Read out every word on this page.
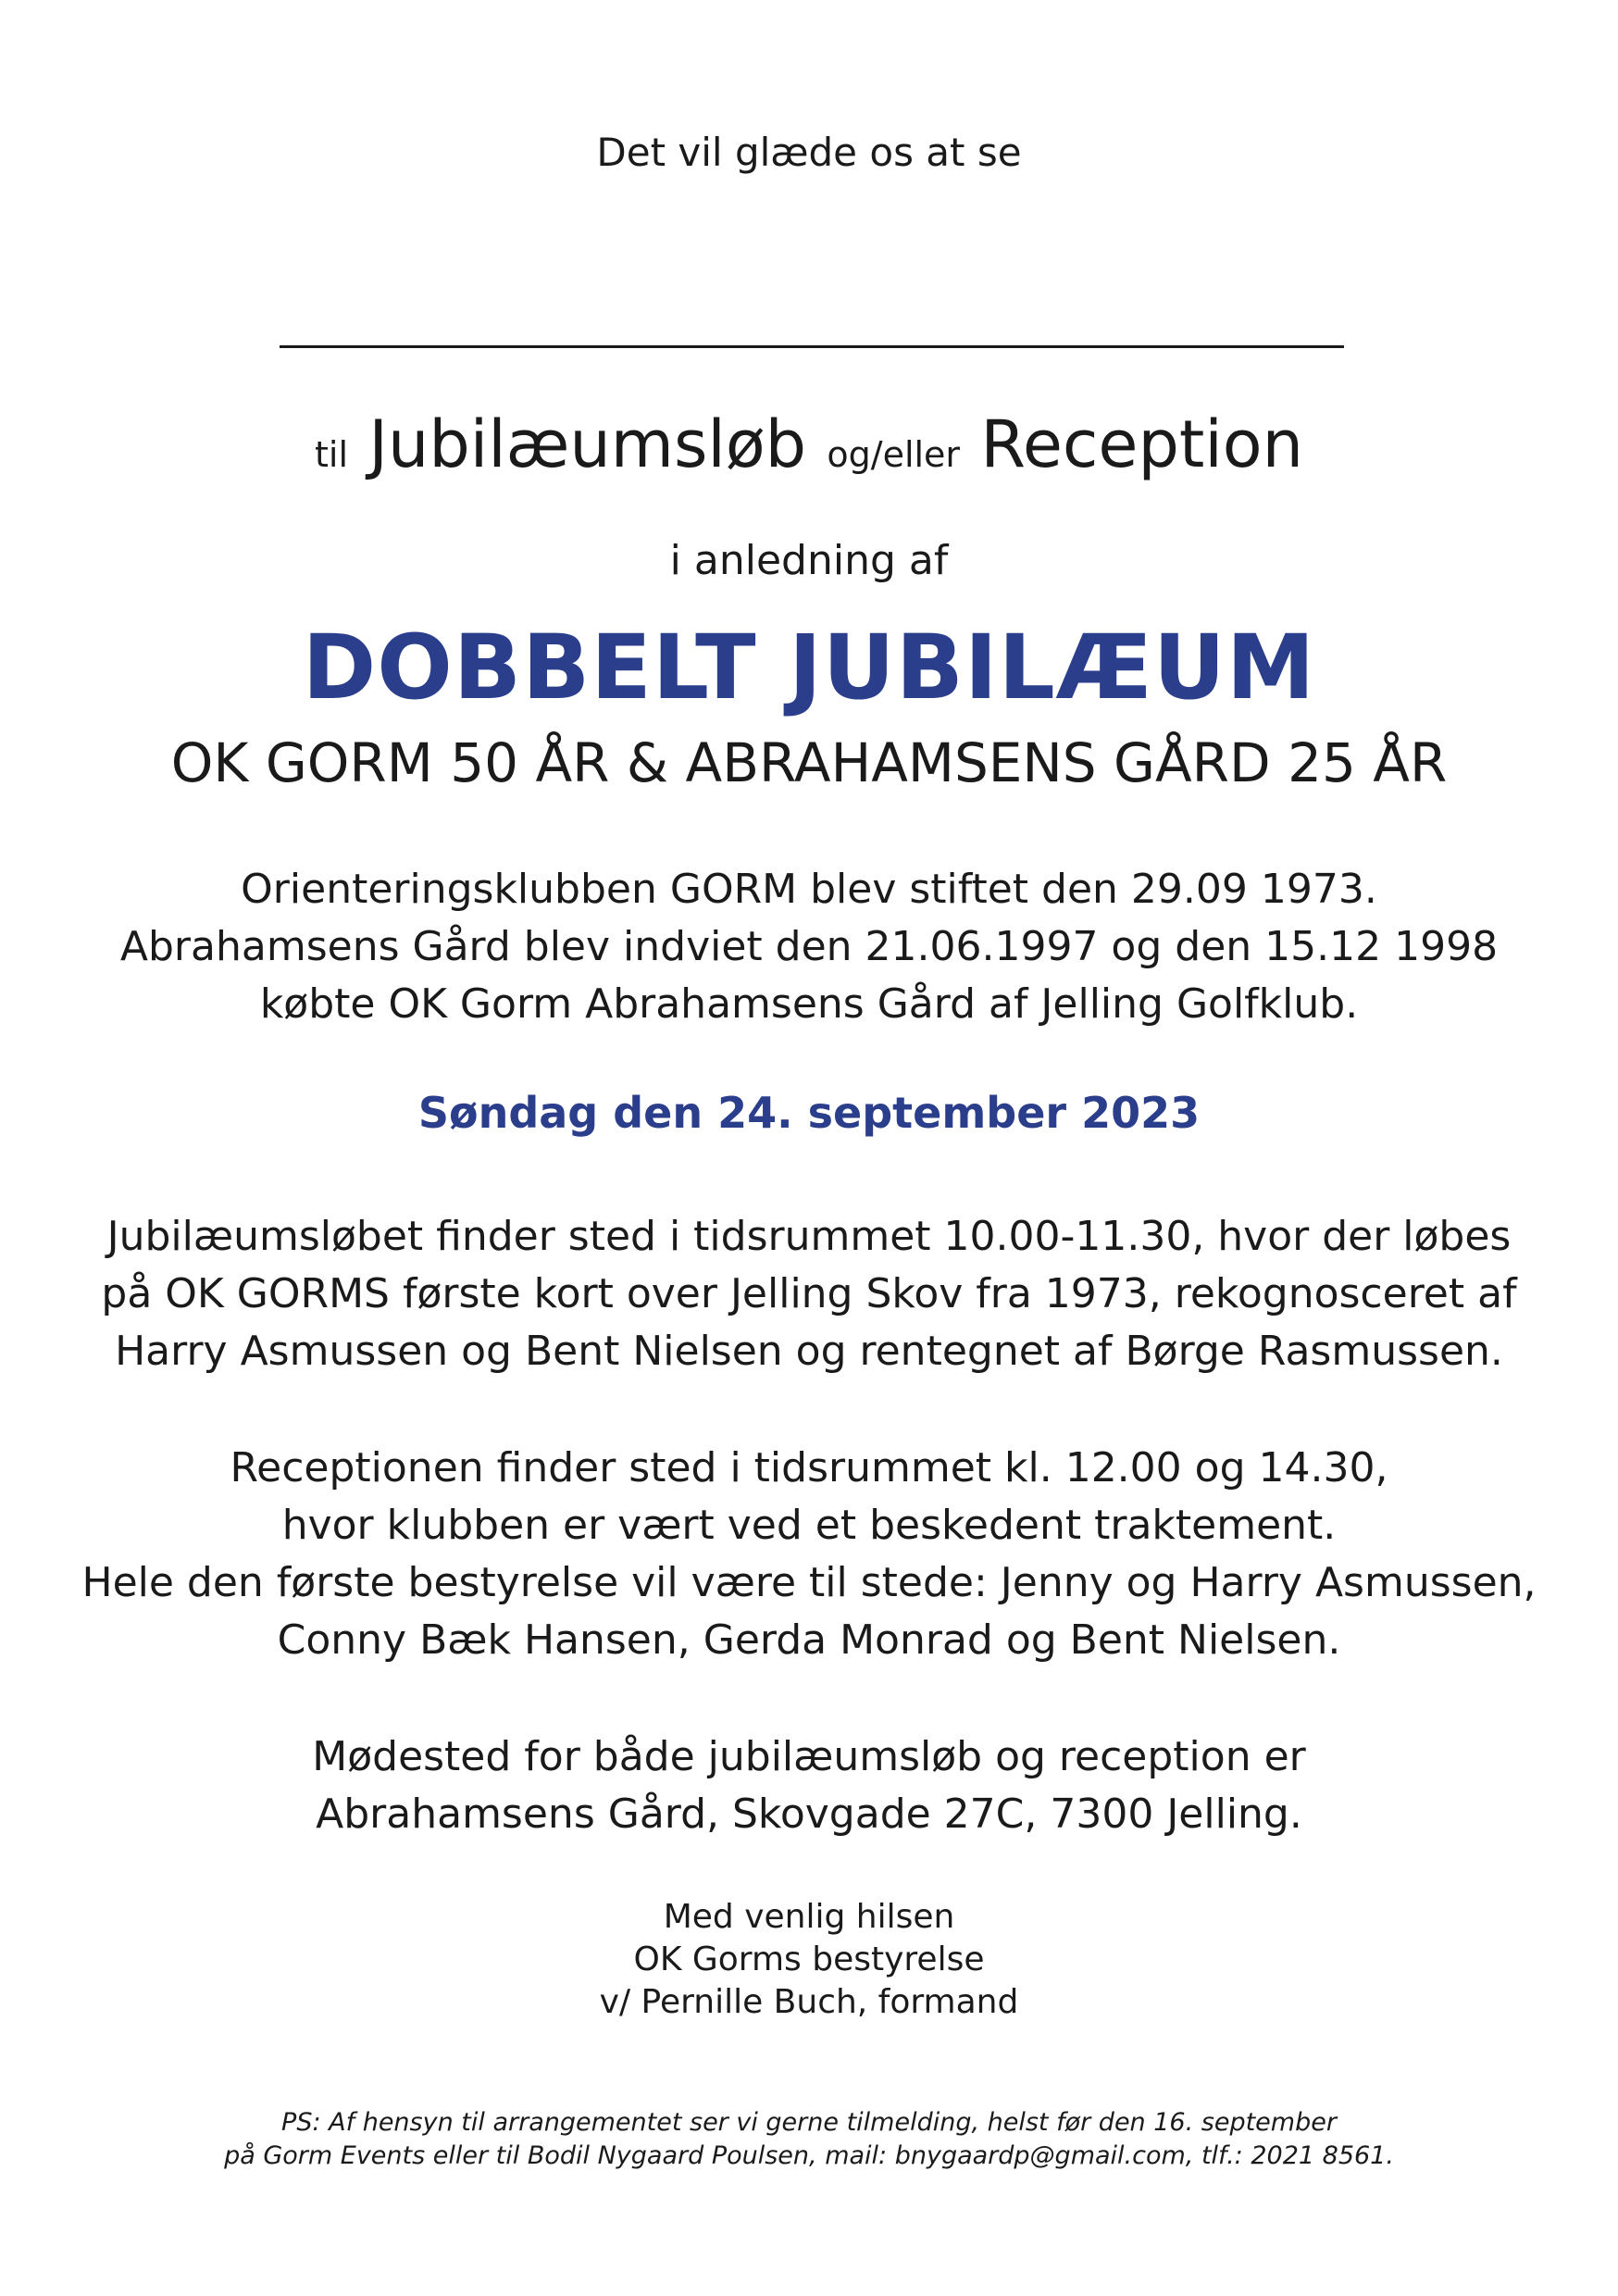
Det vil glæde os at se
til Jubilæumsløb og/eller Reception
i anledning af
DOBBELT JUBILÆUM
OK GORM 50 ÅR & ABRAHAMSENS GÅRD 25 ÅR
Orienteringsklubben GORM blev stiftet den 29.09 1973.
Abrahamsens Gård blev indviet den 21.06.1997 og den 15.12 1998
købte OK Gorm Abrahamsens Gård af Jelling Golfklub.
Søndag den 24. september 2023
Jubilæumsløbet finder sted i tidsrummet 10.00-11.30, hvor der løbes
på OK GORMS første kort over Jelling Skov fra 1973, rekognosceret af
Harry Asmussen og Bent Nielsen og rentegnet af Børge Rasmussen.
Receptionen finder sted i tidsrummet kl. 12.00 og 14.30,
hvor klubben er vært ved et beskedent traktement.
Hele den første bestyrelse vil være til stede: Jenny og Harry Asmussen,
Conny Bæk Hansen, Gerda Monrad og Bent Nielsen.
Mødested for både jubilæumsløb og reception er
Abrahamsens Gård, Skovgade 27C, 7300 Jelling.
Med venlig hilsen
OK Gorms bestyrelse
v/ Pernille Buch, formand
PS: Af hensyn til arrangementet ser vi gerne tilmelding, helst før den 16. september
på Gorm Events eller til Bodil Nygaard Poulsen, mail: bnygaardp@gmail.com, tlf.: 2021 8561.
